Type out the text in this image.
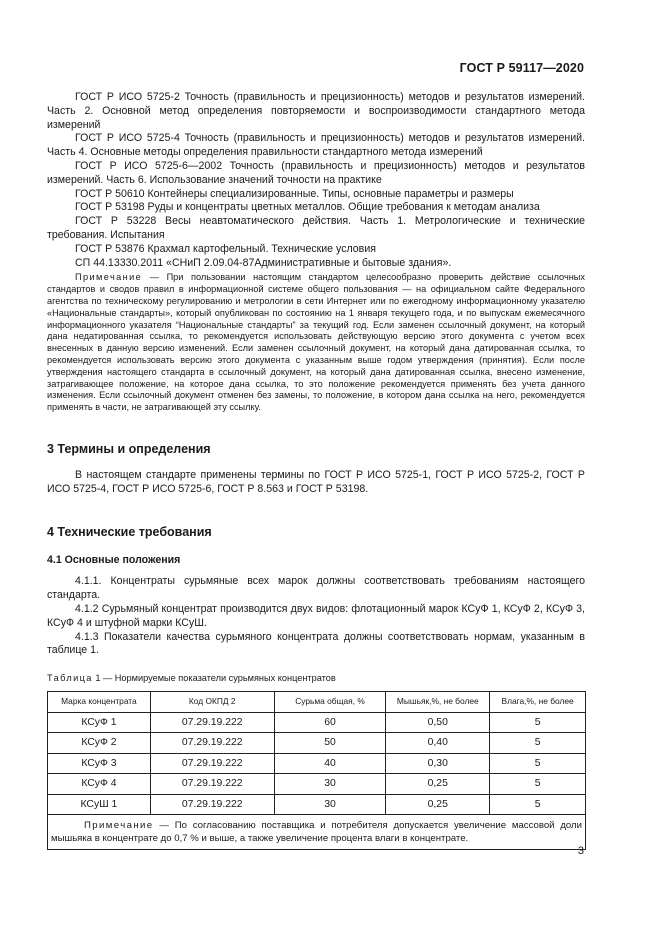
ГОСТ Р 59117—2020

ГОСТ Р ИСО 5725-2 Точность (правильность и прецизионность) методов и результатов измерений. Часть 2. Основной метод определения повторяемости и воспроизводимости стандартного метода измерений

ГОСТ Р ИСО 5725-4 Точность (правильность и прецизионность) методов и результатов измерений. Часть 4. Основные методы определения правильности стандартного метода измерений

ГОСТ Р ИСО 5725-6—2002 Точность (правильность и прецизионность) методов и результатов измерений. Часть 6. Использование значений точности на практике

ГОСТ Р 50610 Контейнеры специализированные. Типы, основные параметры и размеры

ГОСТ Р 53198 Руды и концентраты цветных металлов. Общие требования к методам анализа

ГОСТ Р 53228 Весы неавтоматического действия. Часть 1. Метрологические и технические требования. Испытания

ГОСТ Р 53876 Крахмал картофельный. Технические условия

СП 44.13330.2011 «СНиП 2.09.04-87Административные и бытовые здания».

Примечание — При пользовании настоящим стандартом целесообразно проверить действие ссылочных стандартов и сводов правил в информационной системе общего пользования — на официальном сайте Федерального агентства по техническому регулированию и метрологии в сети Интернет или по ежегодному информационному указателю «Национальные стандарты», который опубликован по состоянию на 1 января текущего года, и по выпускам ежемесячного информационного указателя “Национальные стандарты” за текущий год. Если заменен ссылочный документ, на который дана недатированная ссылка, то рекомендуется использовать действующую версию этого документа с учетом всех внесенных в данную версию изменений. Если заменен ссылочный документ, на который дана датированная ссылка, то рекомендуется использовать версию этого документа с указанным выше годом утверждения (принятия). Если после утверждения настоящего стандарта в ссылочный документ, на который дана датированная ссылка, внесено изменение, затрагивающее положение, на которое дана ссылка, то это положение рекомендуется применять без учета данного изменения. Если ссылочный документ отменен без замены, то положение, в котором дана ссылка на него, рекомендуется применять в части, не затрагивающей эту ссылку.

3 Термины и определения

В настоящем стандарте применены термины по ГОСТ Р ИСО 5725-1, ГОСТ Р ИСО 5725-2, ГОСТ Р ИСО 5725-4, ГОСТ Р ИСО 5725-6, ГОСТ Р 8.563 и ГОСТ Р 53198.

4 Технические требования
4.1 Основные положения

4.1.1. Концентраты сурьмяные всех марок должны соответствовать требованиям настоящего стандарта.

4.1.2 Сурьмяный концентрат производится двух видов: флотационный марок КСуФ 1, КСуФ 2, КСуФ 3, КСуФ 4 и штуфной марки КСуШ.

4.1.3 Показатели качества сурьмяного концентрата должны соответствовать нормам, указанным в таблице 1.

Таблица 1 — Нормируемые показатели сурьмяных концентратов
Марка концентрата	Код ОКПД 2	Сурьма общая, %	Мышьяк,%, не более	Влага,%, не более
КСуФ 1	07.29.19.222	60	0,50	5
КСуФ 2	07.29.19.222	50	0,40	5
КСуФ 3	07.29.19.222	40	0,30	5
КСуФ 4	07.29.19.222	30	0,25	5
КСуШ 1	07.29.19.222	30	0,25	5
Примечание — По согласованию поставщика и потребителя допускается увеличение массовой доли мышьяка в концентрате до 0,7 % и выше, а также увеличение процента влаги в концентрате.				
3
